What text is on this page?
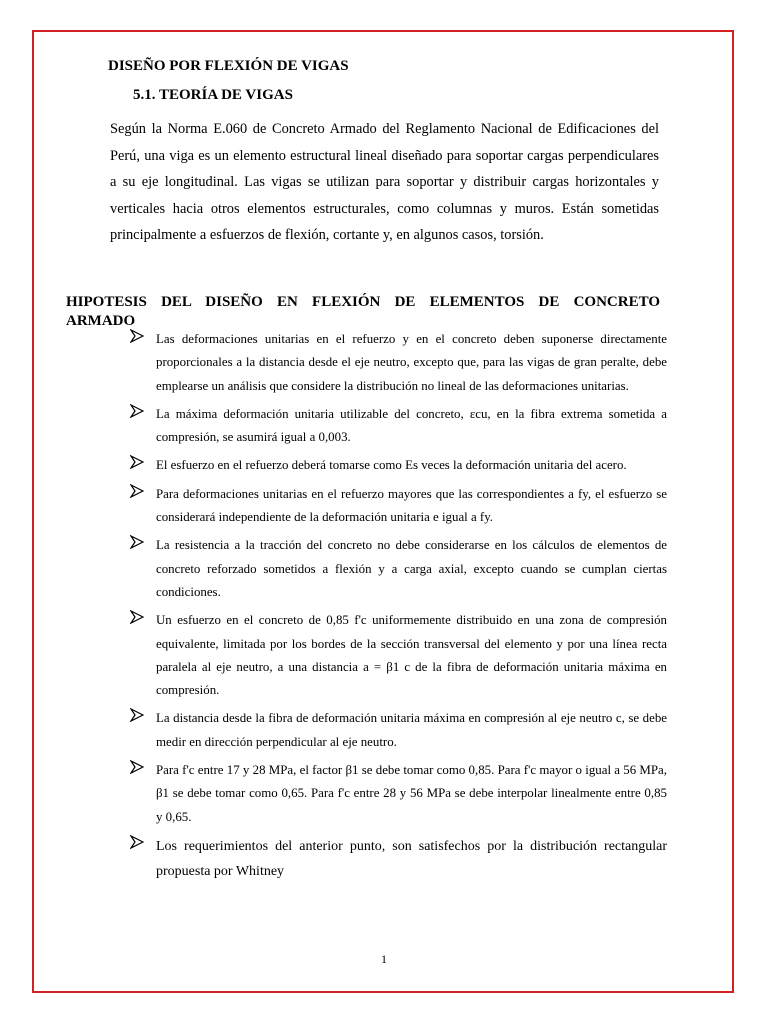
DISEÑO POR FLEXIÓN DE VIGAS
5.1. TEORÍA DE VIGAS

Según la Norma E.060 de Concreto Armado del Reglamento Nacional de Edificaciones del Perú, una viga es un elemento estructural lineal diseñado para soportar cargas perpendiculares a su eje longitudinal. Las vigas se utilizan para soportar y distribuir cargas horizontales y verticales hacia otros elementos estructurales, como columnas y muros. Están sometidas principalmente a esfuerzos de flexión, cortante y, en algunos casos, torsión.

HIPOTESIS DEL DISEÑO EN FLEXIÓN DE ELEMENTOS DE CONCRETO ARMADO
Las deformaciones unitarias en el refuerzo y en el concreto deben suponerse directamente proporcionales a la distancia desde el eje neutro, excepto que, para las vigas de gran peralte, debe emplearse un análisis que considere la distribución no lineal de las deformaciones unitarias.
La máxima deformación unitaria utilizable del concreto, εcu, en la fibra extrema sometida a compresión, se asumirá igual a 0,003.
El esfuerzo en el refuerzo deberá tomarse como Es veces la deformación unitaria del acero.
Para deformaciones unitarias en el refuerzo mayores que las correspondientes a fy, el esfuerzo se considerará independiente de la deformación unitaria e igual a fy.
La resistencia a la tracción del concreto no debe considerarse en los cálculos de elementos de concreto reforzado sometidos a flexión y a carga axial, excepto cuando se cumplan ciertas condiciones.
Un esfuerzo en el concreto de 0,85 f'c uniformemente distribuido en una zona de compresión equivalente, limitada por los bordes de la sección transversal del elemento y por una línea recta paralela al eje neutro, a una distancia a = β1 c de la fibra de deformación unitaria máxima en compresión.
La distancia desde la fibra de deformación unitaria máxima en compresión al eje neutro c, se debe medir en dirección perpendicular al eje neutro.
Para f'c entre 17 y 28 MPa, el factor β1 se debe tomar como 0,85. Para f'c mayor o igual a 56 MPa, β1 se debe tomar como 0,65. Para f'c entre 28 y 56 MPa se debe interpolar linealmente entre 0,85 y 0,65.
Los requerimientos del anterior punto, son satisfechos por la distribución rectangular propuesta por Whitney

1
